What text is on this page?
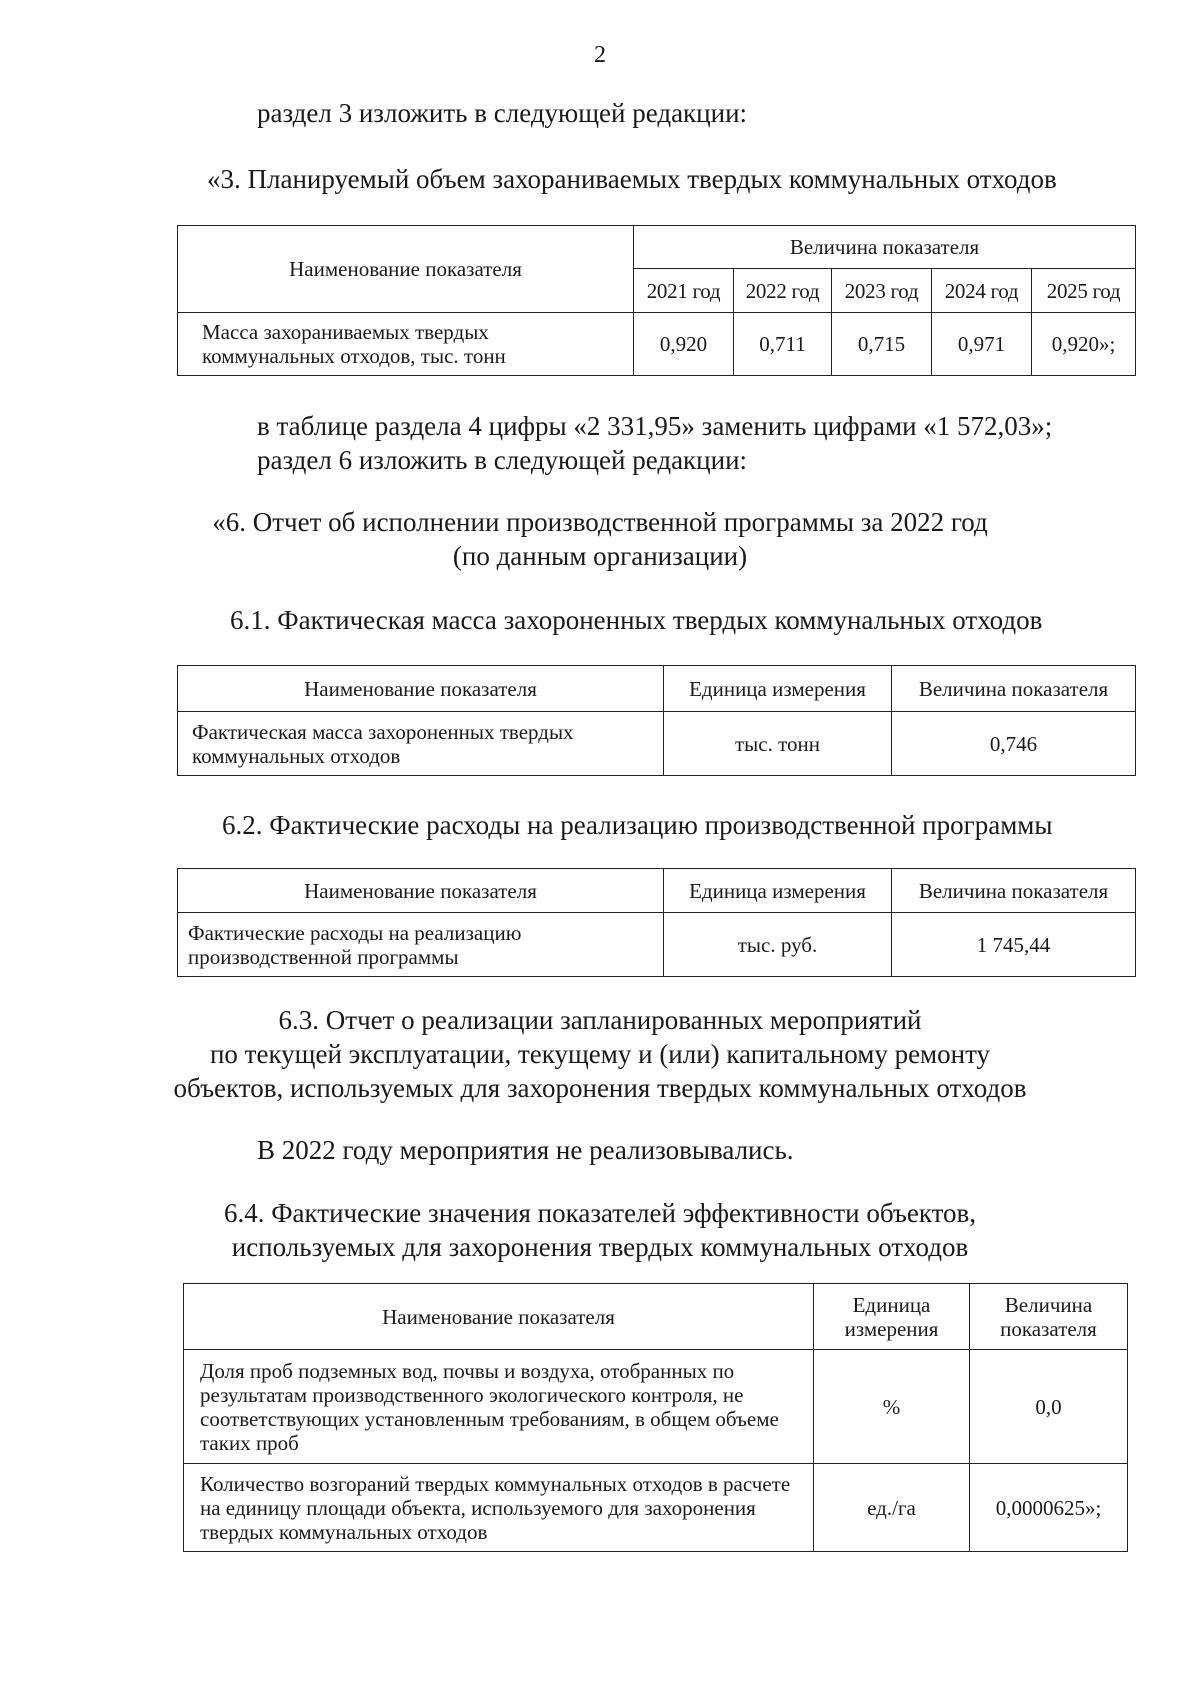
2
раздел 3 изложить в следующей редакции:
«3. Планируемый объем захораниваемых твердых коммунальных отходов
Наименование показателя	Величина показателя				
	2021 год	2022 год	2023 год	2024 год	2025 год
Масса захораниваемых твердых коммунальных отходов, тыс. тонн	0,920	0,711	0,715	0,971	0,920»;
в таблице раздела 4 цифры «2 331,95» заменить цифрами «1 572,03»;
раздел 6 изложить в следующей редакции:
«6. Отчет об исполнении производственной программы за 2022 год
(по данным организации)
6.1. Фактическая масса захороненных твердых коммунальных отходов
Наименование показателя	Единица измерения	Величина показателя
Фактическая масса захороненных твердых коммунальных отходов	тыс. тонн	0,746
6.2. Фактические расходы на реализацию производственной программы
Наименование показателя	Единица измерения	Величина показателя
Фактические расходы на реализацию производственной программы	тыс. руб.	1 745,44
6.3. Отчет о реализации запланированных мероприятий
по текущей эксплуатации, текущему и (или) капитальному ремонту
объектов, используемых для захоронения твердых коммунальных отходов
В 2022 году мероприятия не реализовывались.
6.4. Фактические значения показателей эффективности объектов,
используемых для захоронения твердых коммунальных отходов
Наименование показателя	Единица измерения	Величина показателя
Доля проб подземных вод, почвы и воздуха, отобранных по результатам производственного экологического контроля, не соответствующих установленным требованиям, в общем объеме таких проб	%	0,0
Количество возгораний твердых коммунальных отходов в расчете на единицу площади объекта, используемого для захоронения твердых коммунальных отходов	ед./га	0,0000625»;
